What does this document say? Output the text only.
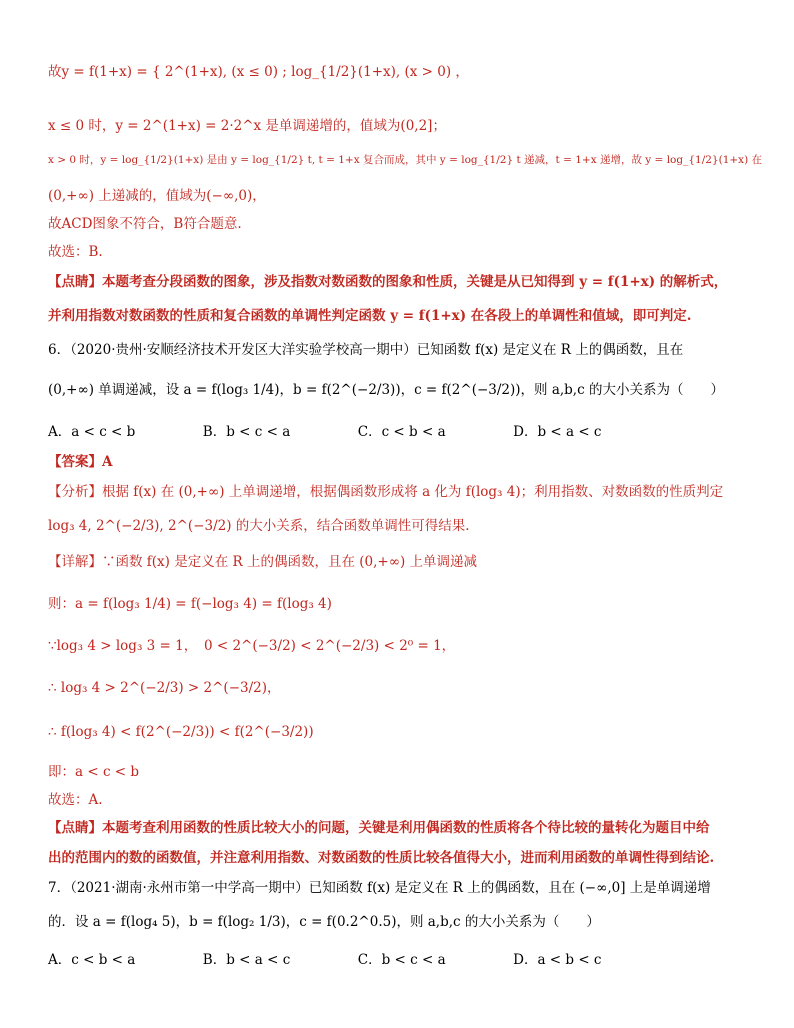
故y = f(1+x) = { 2^(1+x), (x ≤ 0) ; log_{1/2}(1+x), (x > 0) ，
x ≤ 0 时，y = 2^(1+x) = 2·2^x 是单调递增的，值域为(0,2]；
x > 0 时，y = log_{1/2}(1+x) 是由 y = log_{1/2} t, t = 1+x 复合而成，其中 y = log_{1/2} t 递减，t = 1+x 递增，故 y = log_{1/2}(1+x) 在
(0,+∞) 上递减的，值域为(−∞,0)，
故ACD图象不符合，B符合题意.
故选：B.
【点睛】本题考查分段函数的图象，涉及指数对数函数的图象和性质，关键是从已知得到 y = f(1+x) 的解析式，
并利用指数对数函数的性质和复合函数的单调性判定函数 y = f(1+x) 在各段上的单调性和值域，即可判定.
6．（2020·贵州·安顺经济技术开发区大洋实验学校高一期中）已知函数 f(x) 是定义在 R 上的偶函数，且在
(0,+∞) 单调递减，设 a = f(log₃ 1/4)，b = f(2^(−2/3))，c = f(2^(−3/2))，则 a,b,c 的大小关系为（　　）
A．a < c < b　　　　　B．b < c < a　　　　　C．c < b < a　　　　　D．b < a < c
【答案】A
【分析】根据 f(x) 在 (0,+∞) 上单调递增，根据偶函数形成将 a 化为 f(log₃ 4)；利用指数、对数函数的性质判定
log₃ 4, 2^(−2/3), 2^(−3/2) 的大小关系，结合函数单调性可得结果.
【详解】∵函数 f(x) 是定义在 R 上的偶函数，且在 (0,+∞) 上单调递减
则：a = f(log₃ 1/4) = f(−log₃ 4) = f(log₃ 4)
∵log₃ 4 > log₃ 3 = 1，　0 < 2^(−3/2) < 2^(−2/3) < 2⁰ = 1，
∴ log₃ 4 > 2^(−2/3) > 2^(−3/2)，
∴ f(log₃ 4) < f(2^(−2/3)) < f(2^(−3/2))
即：a < c < b
故选：A.
【点睛】本题考查利用函数的性质比较大小的问题，关键是利用偶函数的性质将各个待比较的量转化为题目中给
出的范围内的数的函数值，并注意利用指数、对数函数的性质比较各值得大小，进而利用函数的单调性得到结论.
7．（2021·湖南·永州市第一中学高一期中）已知函数 f(x) 是定义在 R 上的偶函数，且在 (−∞,0] 上是单调递增
的．设 a = f(log₄ 5)，b = f(log₂ 1/3)，c = f(0.2^0.5)，则 a,b,c 的大小关系为（　　）
A．c < b < a　　　　　B．b < a < c　　　　　C．b < c < a　　　　　D．a < b < c
